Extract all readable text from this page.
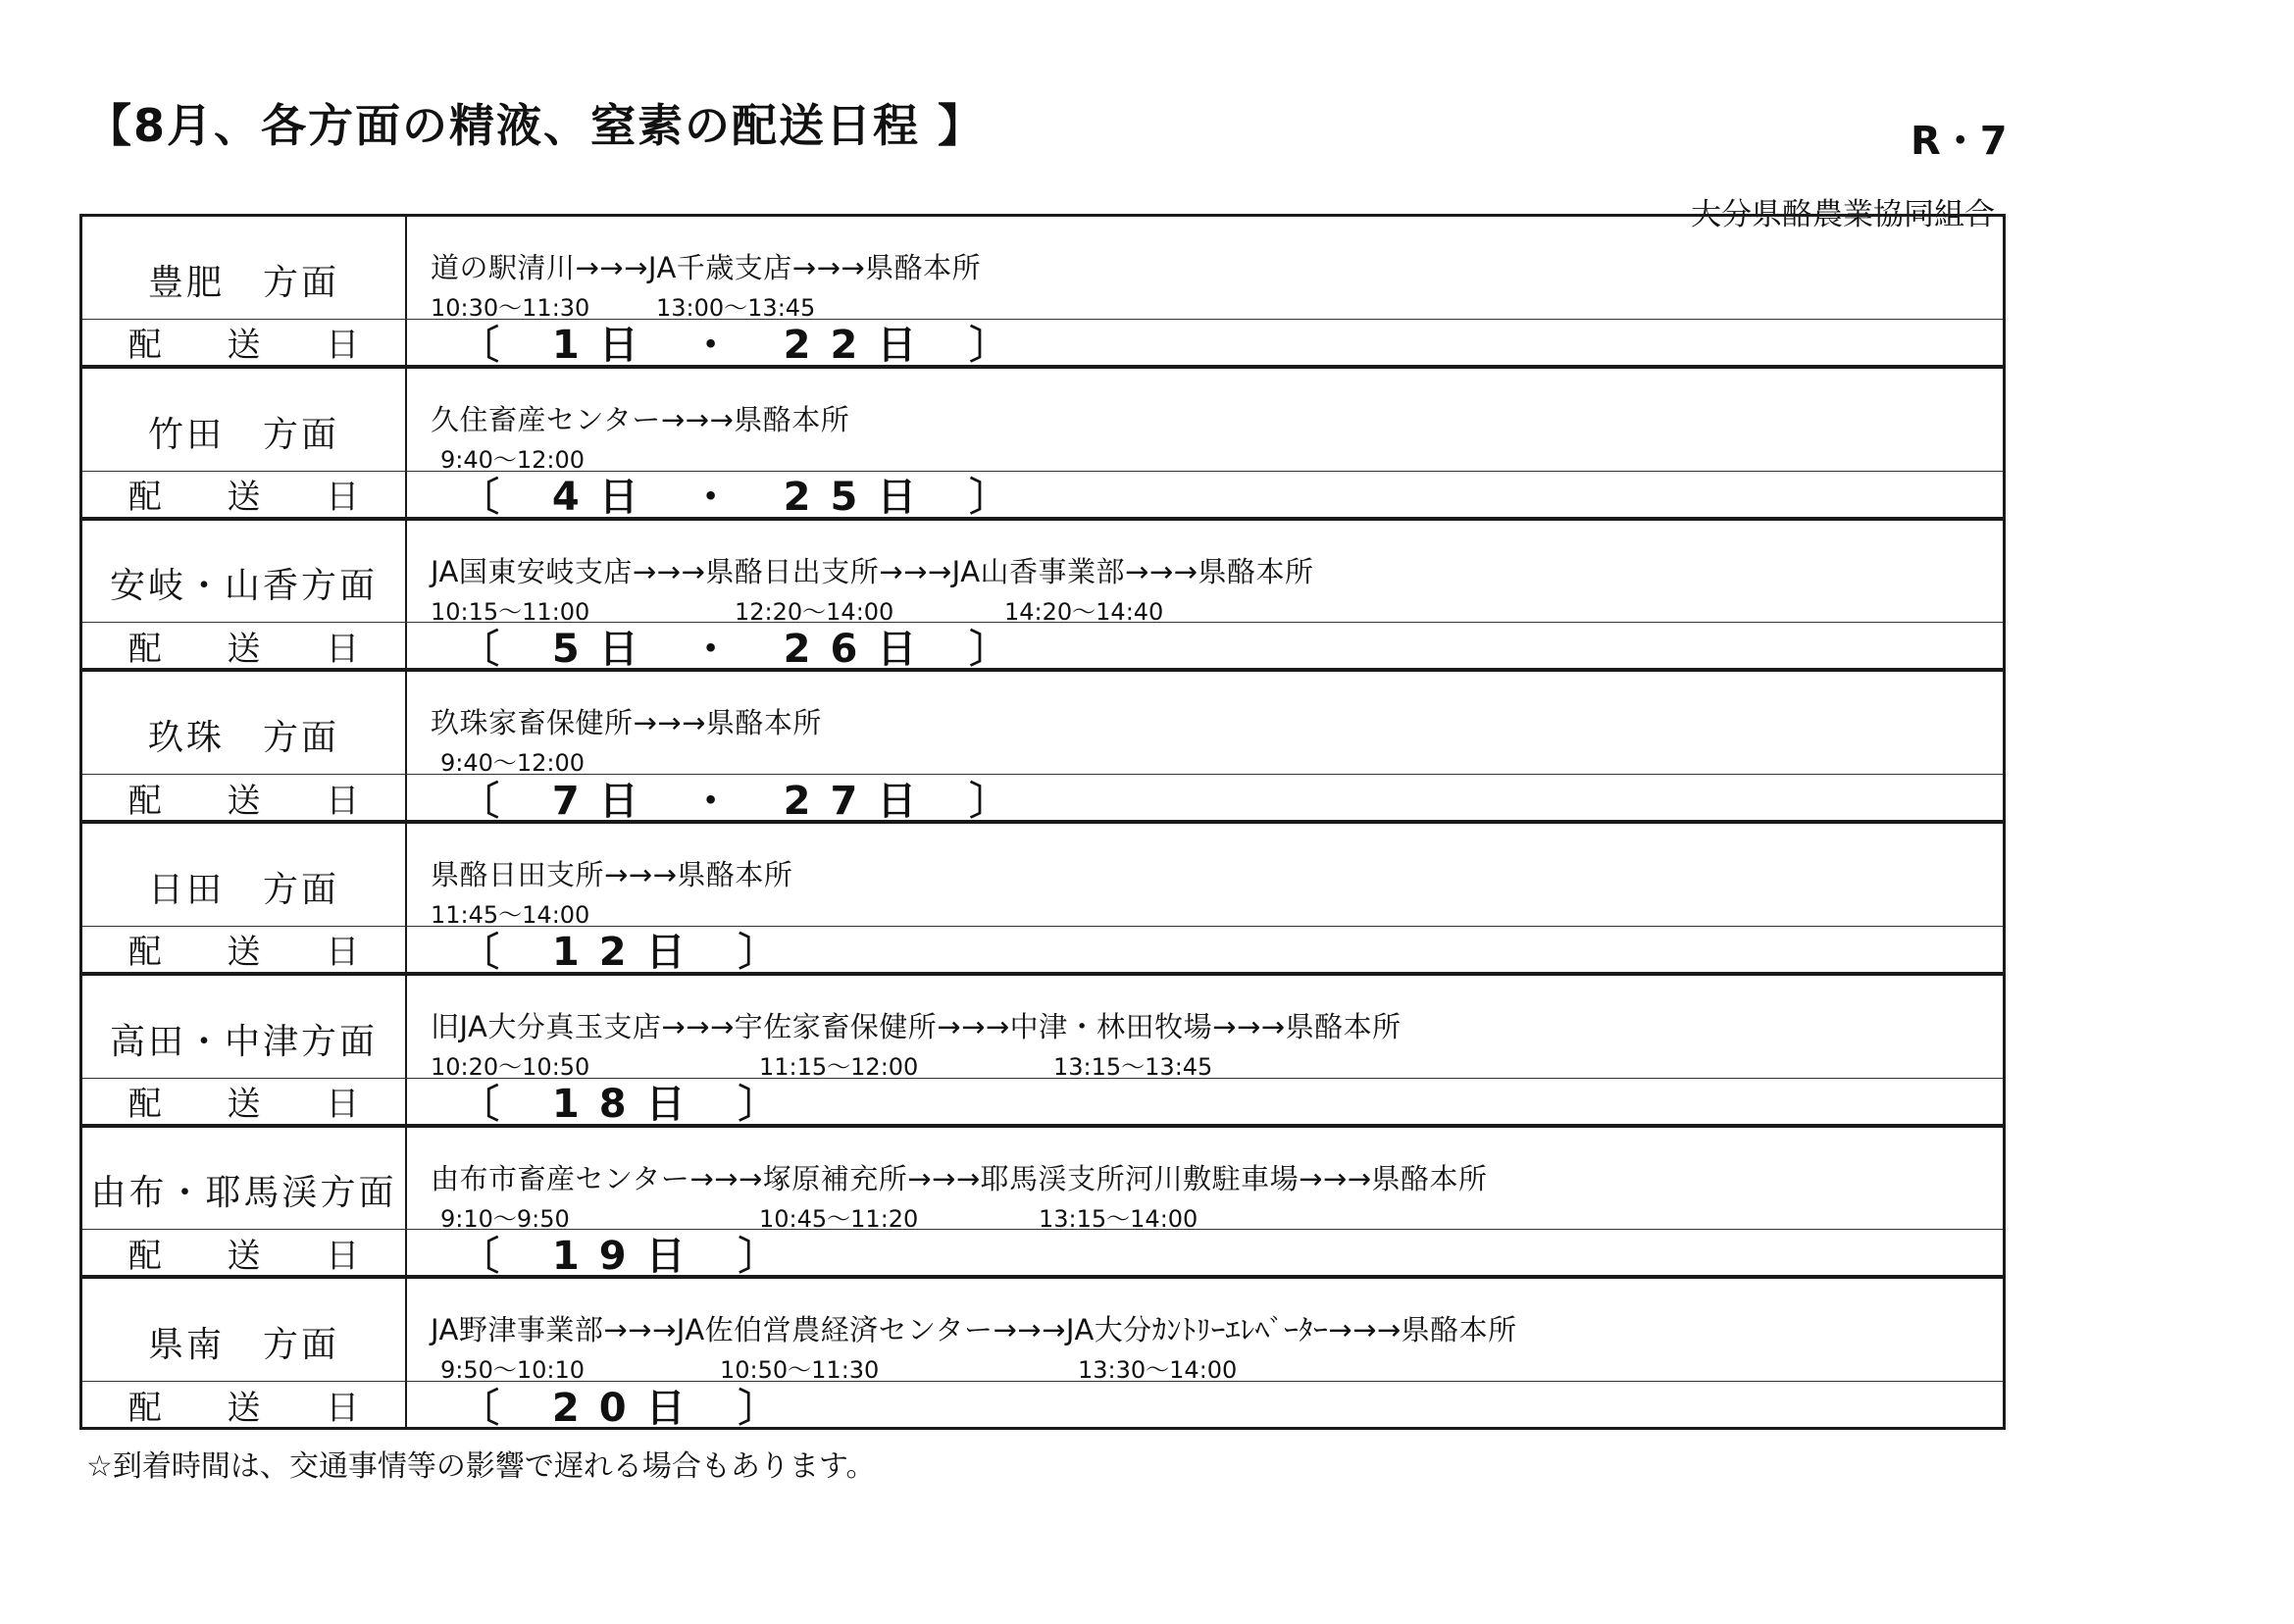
【8月、各方面の精液、窒素の配送日程 】	R・7
大分県酪農業協同組合
豊肥　方面	道の駅清川→→→JA千歳支店→→→県酪本所
10:30〜11:30	13:00〜13:45
配 送 日	〔 1日 ・ 22日 〕
竹田　方面	久住畜産センター→→→県酪本所
9:40〜12:00
配 送 日	〔 4日 ・ 25日 〕
安岐・山香方面	JA国東安岐支店→→→県酪日出支所→→→JA山香事業部→→→県酪本所
10:15〜11:00	12:20〜14:00	14:20〜14:40
配 送 日	〔 5日 ・ 26日 〕
玖珠　方面	玖珠家畜保健所→→→県酪本所
9:40〜12:00
配 送 日	〔 7日 ・ 27日 〕
日田　方面	県酪日田支所→→→県酪本所
11:45〜14:00
配 送 日	〔 12日 〕
高田・中津方面	旧JA大分真玉支店→→→宇佐家畜保健所→→→中津・林田牧場→→→県酪本所
10:20〜10:50	11:15〜12:00	13:15〜13:45
配 送 日	〔 18日 〕
由布・耶馬渓方面	由布市畜産センター→→→塚原補充所→→→耶馬渓支所河川敷駐車場→→→県酪本所
9:10〜9:50	10:45〜11:20	13:15〜14:00
配 送 日	〔 19日 〕
県南　方面	JA野津事業部→→→JA佐伯営農経済センター→→→JA大分ｶﾝﾄﾘｰｴﾚﾍﾞｰﾀｰ→→→県酪本所
9:50〜10:10	10:50〜11:30	13:30〜14:00
配 送 日	〔 20日 〕
☆到着時間は、交通事情等の影響で遅れる場合もあります。
